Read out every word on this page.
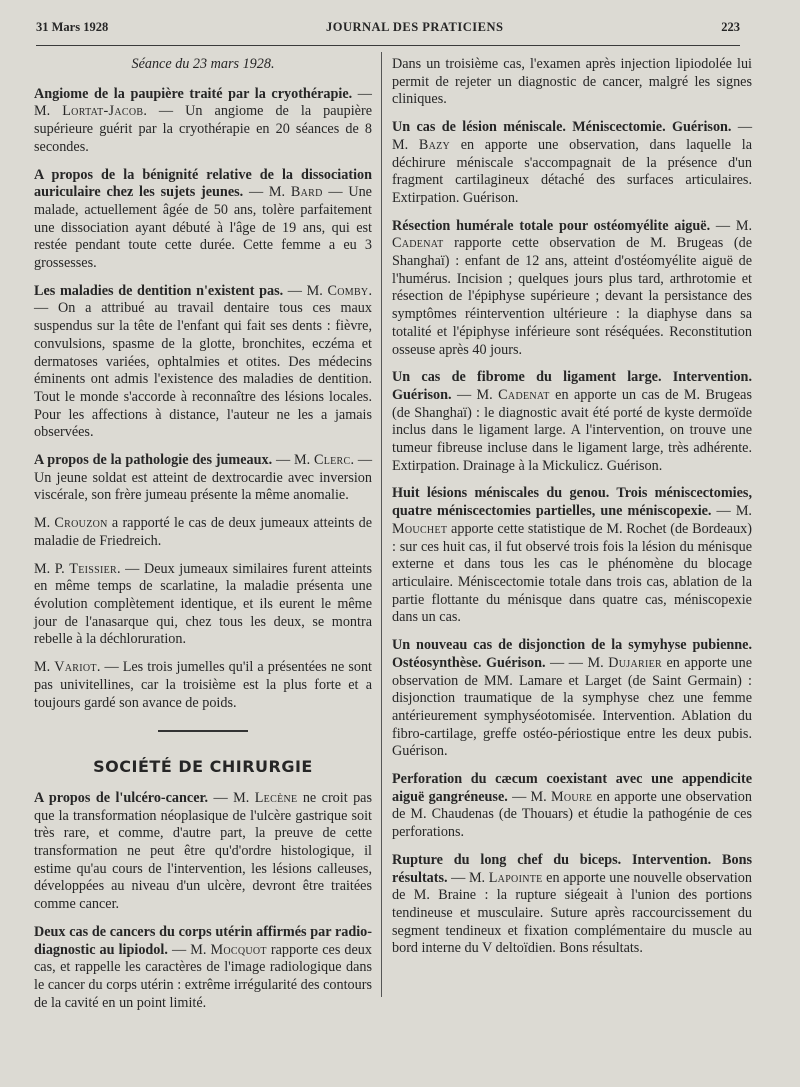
31 Mars 1928	JOURNAL DES PRATICIENS	223

Séance du 23 mars 1928.

Angiome de la paupière traité par la cryothérapie. — M. Lortat-Jacob. — Un angiome de la paupière supérieure guérit par la cryothérapie en 20 séances de 8 secondes.

A propos de la bénignité relative de la dissociation auriculaire chez les sujets jeunes. — M. Bard — Une malade, actuellement âgée de 50 ans, tolère parfaitement une dissociation ayant débuté à l'âge de 19 ans, qui est restée pendant toute cette durée. Cette femme a eu 3 grossesses.

Les maladies de dentition n'existent pas. — M. Comby. — On a attribué au travail dentaire tous ces maux suspendus sur la tête de l'enfant qui fait ses dents : fièvre, convulsions, spasme de la glotte, bronchites, eczéma et dermatoses variées, ophtalmies et otites. Des médecins éminents ont admis l'existence des maladies de dentition. Tout le monde s'accorde à reconnaître des lésions locales. Pour les affections à distance, l'auteur ne les a jamais observées.

A propos de la pathologie des jumeaux. — M. Clerc. — Un jeune soldat est atteint de dextrocardie avec inversion viscérale, son frère jumeau présente la même anomalie.

M. Crouzon a rapporté le cas de deux jumeaux atteints de maladie de Friedreich.

M. P. Teissier. — Deux jumeaux similaires furent atteints en même temps de scarlatine, la maladie présenta une évolution complètement identique, et ils eurent le même jour de l'anasarque qui, chez tous les deux, se montra rebelle à la déchloruration.

M. Variot. — Les trois jumelles qu'il a présentées ne sont pas univitellines, car la troisième est la plus forte et a toujours gardé son avance de poids.

SOCIÉTÉ DE CHIRURGIE

A propos de l'ulcéro-cancer. — M. Lecène ne croit pas que la transformation néoplasique de l'ulcère gastrique soit très rare, et comme, d'autre part, la preuve de cette transformation ne peut être qu'd'ordre histologique, il estime qu'au cours de l'intervention, les lésions calleuses, développées au niveau d'un ulcère, devront être traitées comme cancer.

Deux cas de cancers du corps utérin affirmés par radio-diagnostic au lipiodol. — M. Mocquot rapporte ces deux cas, et rappelle les caractères de l'image radiologique dans le cancer du corps utérin : extrême irrégularité des contours de la cavité en un point limité.

Dans un troisième cas, l'examen après injection lipiodolée lui permit de rejeter un diagnostic de cancer, malgré les signes cliniques.

Un cas de lésion méniscale. Méniscectomie. Guérison. — M. Bazy en apporte une observation, dans laquelle la déchirure méniscale s'accompagnait de la présence d'un fragment cartilagineux détaché des surfaces articulaires. Extirpation. Guérison.

Résection humérale totale pour ostéomyélite aiguë. — M. Cadenat rapporte cette observation de M. Brugeas (de Shanghaï) : enfant de 12 ans, atteint d'ostéomyélite aiguë de l'humérus. Incision ; quelques jours plus tard, arthrotomie et résection de l'épiphyse supérieure ; devant la persistance des symptômes réintervention ultérieure : la diaphyse dans sa totalité et l'épiphyse inférieure sont réséquées. Reconstitution osseuse après 40 jours.

Un cas de fibrome du ligament large. Intervention. Guérison. — M. Cadenat en apporte un cas de M. Brugeas (de Shanghaï) : le diagnostic avait été porté de kyste dermoïde inclus dans le ligament large. A l'intervention, on trouve une tumeur fibreuse incluse dans le ligament large, très adhérente. Extirpation. Drainage à la Mickulicz. Guérison.

Huit lésions méniscales du genou. Trois méniscectomies, quatre méniscectomies partielles, une méniscopexie. — M. Mouchet apporte cette statistique de M. Rochet (de Bordeaux) : sur ces huit cas, il fut observé trois fois la lésion du ménisque externe et dans tous les cas le phénomène du blocage articulaire. Méniscectomie totale dans trois cas, ablation de la partie flottante du ménisque dans quatre cas, méniscopexie dans un cas.

Un nouveau cas de disjonction de la symyhyse pubienne. Ostéosynthèse. Guérison. — — M. Dujarier en apporte une observation de MM. Lamare et Larget (de Saint Germain) : disjonction traumatique de la symphyse chez une femme antérieurement symphyséotomisée. Intervention. Ablation du fibro-cartilage, greffe ostéo-périostique entre les deux pubis. Guérison.

Perforation du cæcum coexistant avec une appendicite aiguë gangréneuse. — M. Moure en apporte une observation de M. Chaudenas (de Thouars) et étudie la pathogénie de ces perforations.

Rupture du long chef du biceps. Intervention. Bons résultats. — M. Lapointe en apporte une nouvelle observation de M. Braine : la rupture siégeait à l'union des portions tendineuse et musculaire. Suture après raccourcissement du segment tendineux et fixation complémentaire du muscle au bord interne du V deltoïdien. Bons résultats.
